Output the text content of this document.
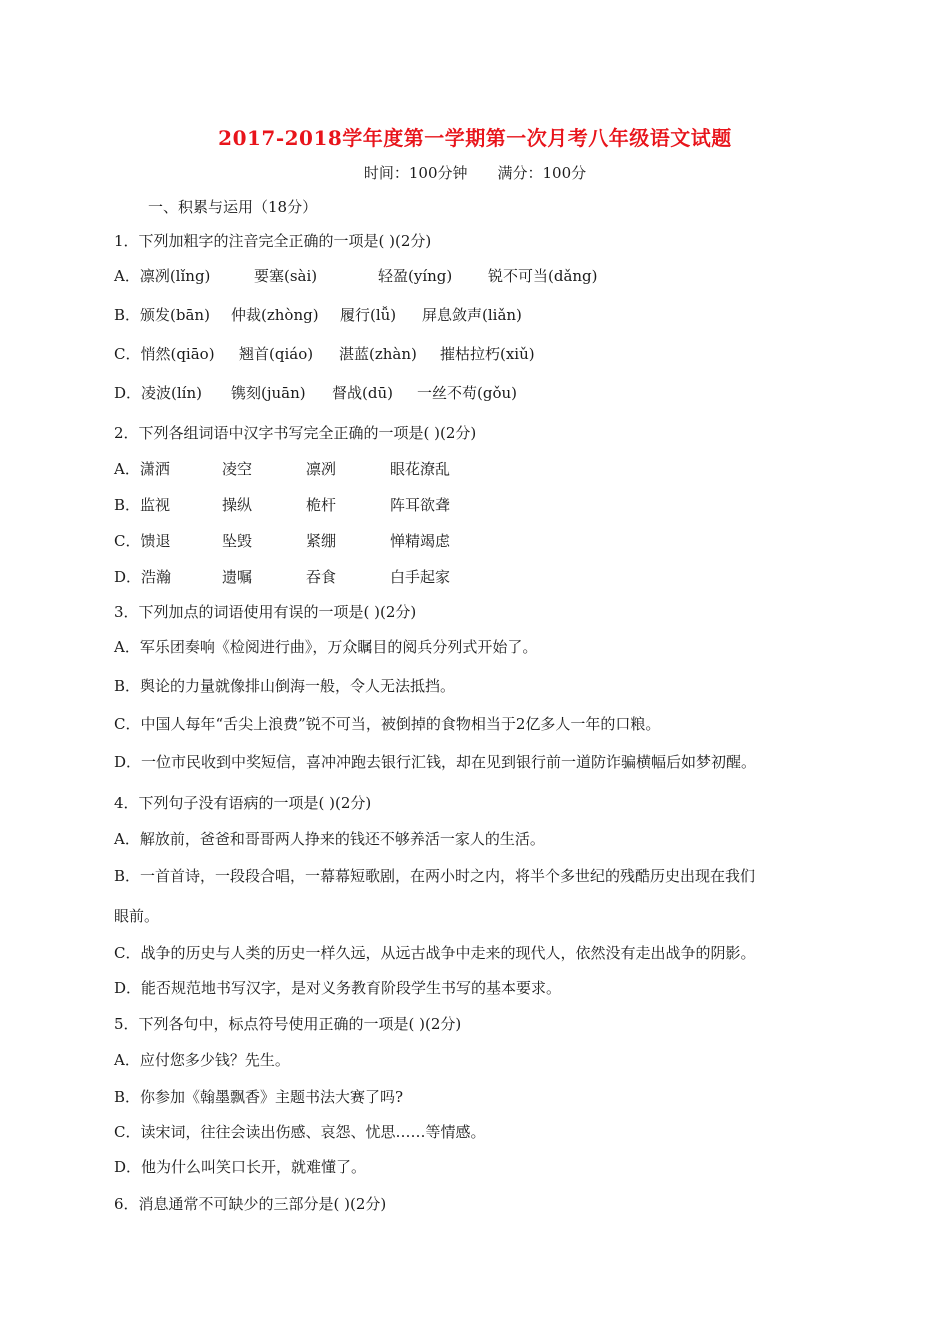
2017-2018学年度第一学期第一次月考八年级语文试题
时间：100分钟 满分：100分
一、积累与运用（18分）
1．下列加粗字的注音完全正确的一项是( )(2分)
A．凛冽(lǐng)	要塞(sài)	轻盈(yíng) 锐不可当(dǎng)
B．颁发(bān) 仲裁(zhòng) 履行(lǚ) 屏息敛声(liǎn)
C．悄然(qiāo) 翘首(qiáo) 湛蓝(zhàn) 摧枯拉朽(xiǔ)
D．凌波(lín) 镌刻(juān) 督战(dū) 一丝不苟(gǒu)
2．下列各组词语中汉字书写完全正确的一项是( )(2分)
A．潇洒	凌空	凛冽	眼花潦乱
B．监视	操纵	桅杆	阵耳欲聋
C．馈退	坠毁	紧绷	惮精竭虑
D．浩瀚	遗嘱	吞食	白手起家
3．下列加点的词语使用有误的一项是( )(2分)
A．军乐团奏响《检阅进行曲》，万众瞩目的阅兵分列式开始了。
B．舆论的力量就像排山倒海一般，令人无法抵挡。
C．中国人每年“舌尖上浪费”锐不可当，被倒掉的食物相当于2亿多人一年的口粮。
D．一位市民收到中奖短信，喜冲冲跑去银行汇钱，却在见到银行前一道防诈骗横幅后如梦初醒。
4．下列句子没有语病的一项是( )(2分)
A．解放前，爸爸和哥哥两人挣来的钱还不够养活一家人的生活。
B．一首首诗，一段段合唱，一幕幕短歌剧，在两小时之内，将半个多世纪的残酷历史出现在我们
眼前。
C．战争的历史与人类的历史一样久远，从远古战争中走来的现代人，依然没有走出战争的阴影。
D．能否规范地书写汉字，是对义务教育阶段学生书写的基本要求。
5．下列各句中，标点符号使用正确的一项是( )(2分)
A．应付您多少钱？先生。
B．你参加《翰墨飘香》主题书法大赛了吗?
C．读宋词，往往会读出伤感、哀怨、忧思……等情感。
D．他为什么叫笑口长开，就难懂了。
6．消息通常不可缺少的三部分是( )(2分)
